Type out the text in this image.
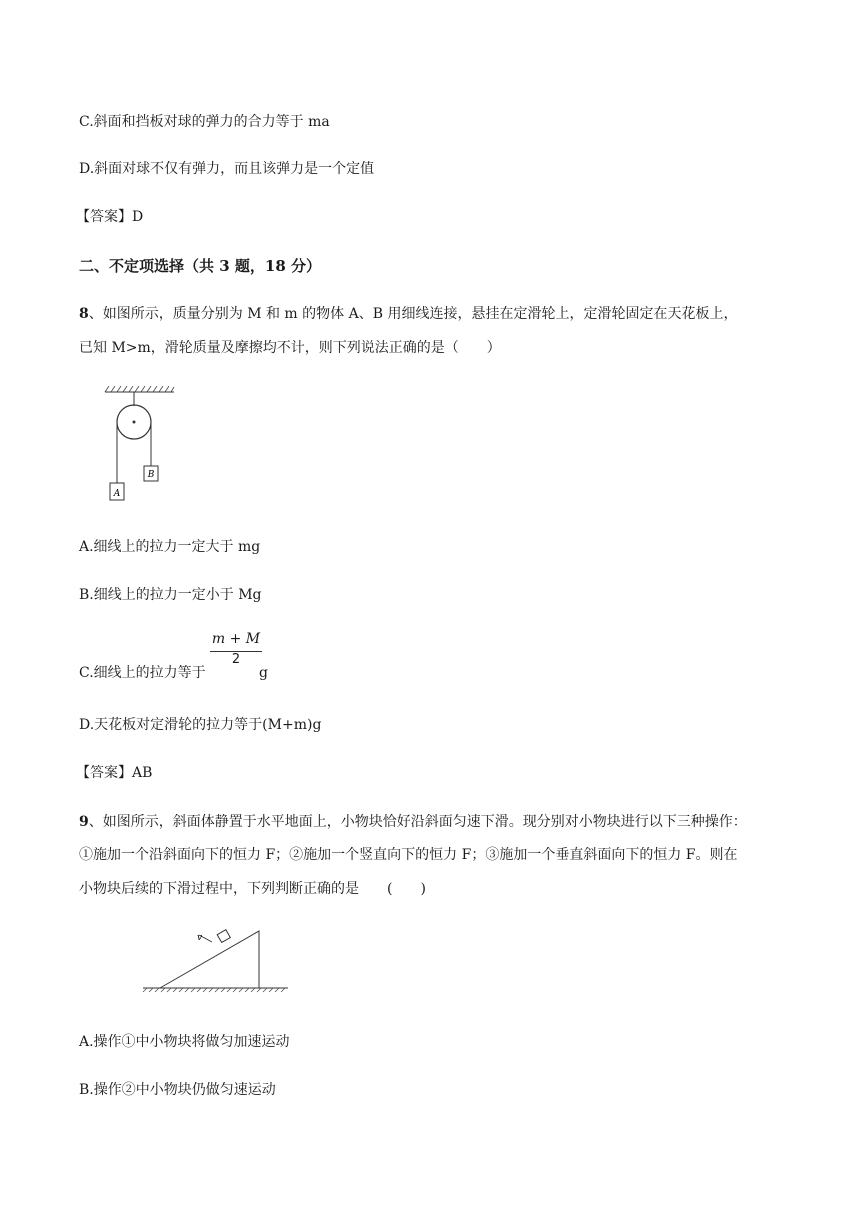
C.斜面和挡板对球的弹力的合力等于 ma
D.斜面对球不仅有弹力，而且该弹力是一个定值
【答案】D
二、不定项选择（共 3 题，18 分）
8、如图所示，质量分别为 M 和 m 的物体 A、B 用细线连接，悬挂在定滑轮上，定滑轮固定在天花板上，
已知 M>m，滑轮质量及摩擦均不计，则下列说法正确的是（　　）
A
B
A.细线上的拉力一定大于 mg
B.细线上的拉力一定小于 Mg
m + M
2
C.细线上的拉力等于	g
D.天花板对定滑轮的拉力等于(M+m)g
【答案】AB
9、如图所示，斜面体静置于水平地面上，小物块恰好沿斜面匀速下滑。现分别对小物块进行以下三种操作：
①施加一个沿斜面向下的恒力 F；②施加一个竖直向下的恒力 F；③施加一个垂直斜面向下的恒力 F。则在
小物块后续的下滑过程中，下列判断正确的是　　(　　)
v
A.操作①中小物块将做匀加速运动
B.操作②中小物块仍做匀速运动
